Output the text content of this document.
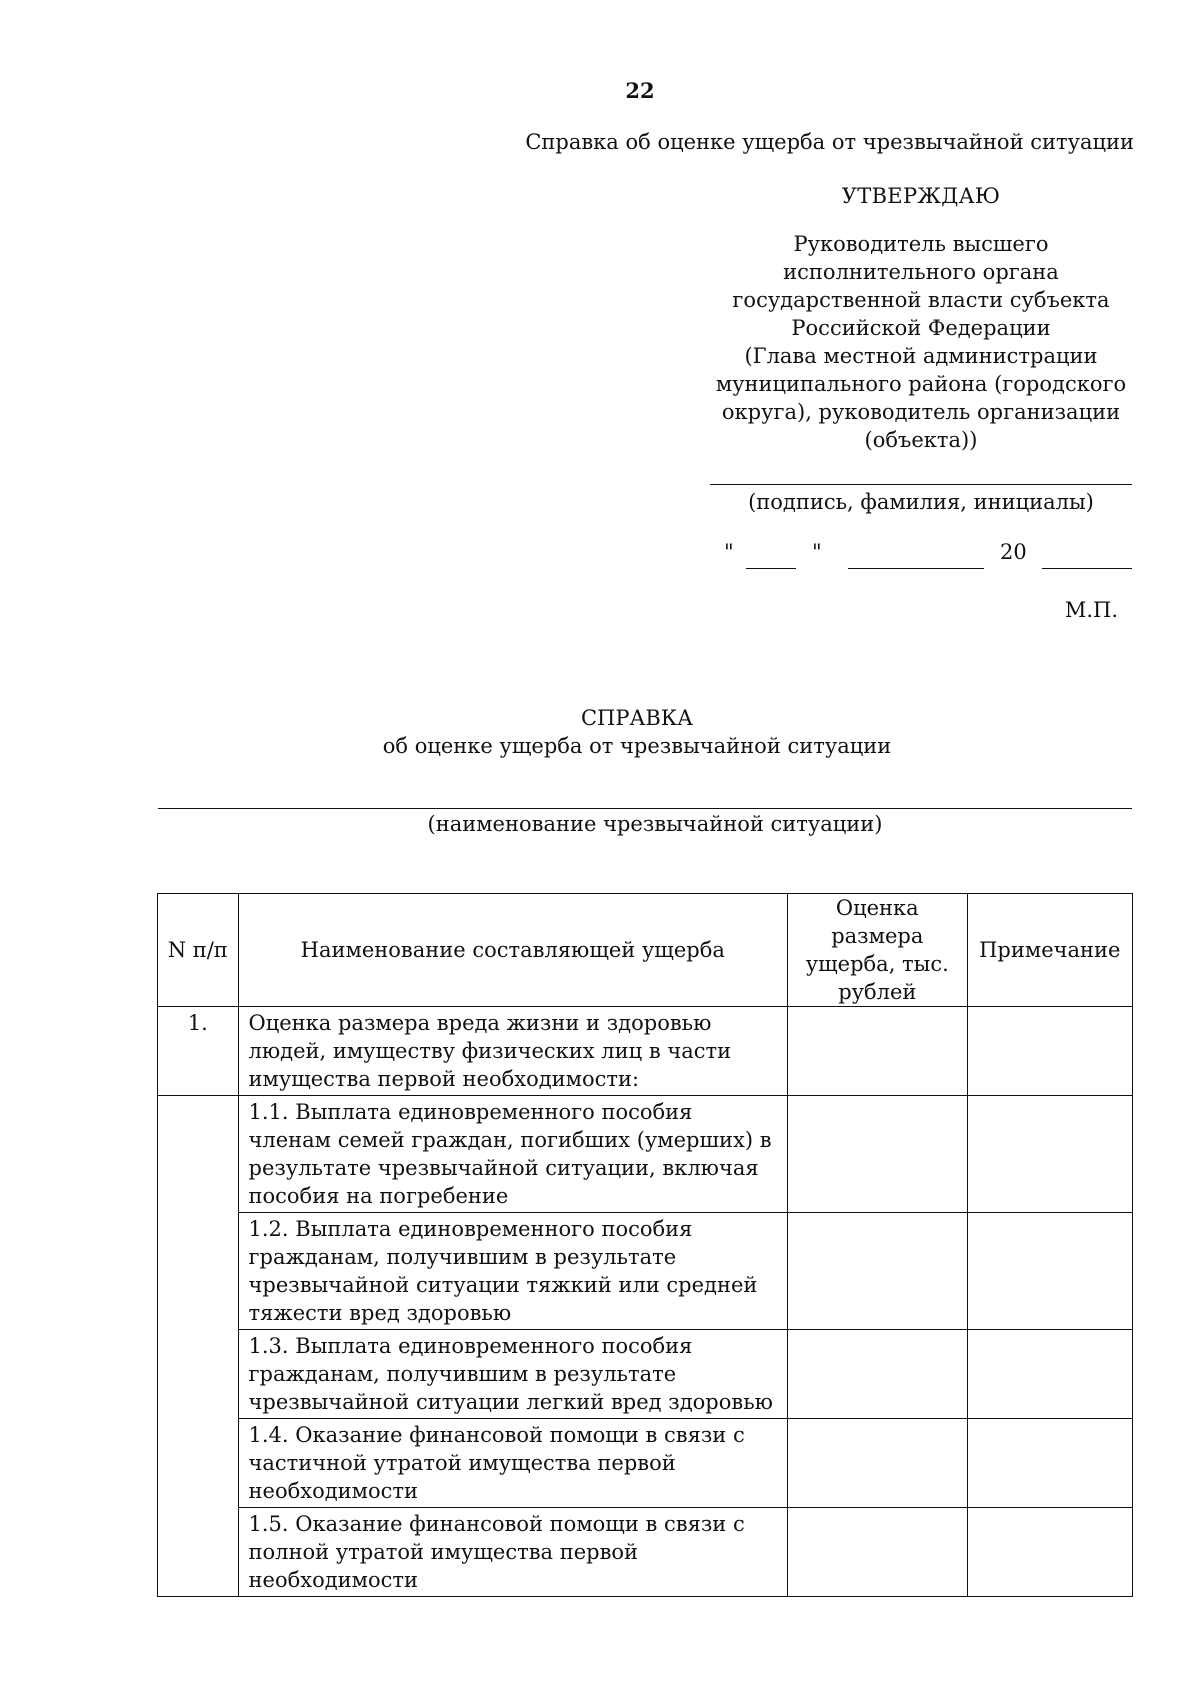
22
Справка об оценке ущерба от чрезвычайной ситуации
УТВЕРЖДАЮ
Руководитель высшего
исполнительного органа
государственной власти субъекта
Российской Федерации
(Глава местной администрации
муниципального района (городского
округа), руководитель организации
(объекта))
(подпись, фамилия, инициалы)
"	"	20
М.П.
СПРАВКА
об оценке ущерба от чрезвычайной ситуации
(наименование чрезвычайной ситуации)
N п/п	Наименование составляющей ущерба	Оценка размера ущерба, тыс. рублей	Примечание
1.	Оценка размера вреда жизни и здоровью людей, имуществу физических лиц в части имущества первой необходимости:		
	1.1. Выплата единовременного пособия членам семей граждан, погибших (умерших) в результате чрезвычайной ситуации, включая пособия на погребение		
	1.2. Выплата единовременного пособия гражданам, получившим в результате чрезвычайной ситуации тяжкий или средней тяжести вред здоровью		
	1.3. Выплата единовременного пособия гражданам, получившим в результате чрезвычайной ситуации легкий вред здоровью		
	1.4. Оказание финансовой помощи в связи с частичной утратой имущества первой необходимости		
	1.5. Оказание финансовой помощи в связи с полной утратой имущества первой необходимости		
